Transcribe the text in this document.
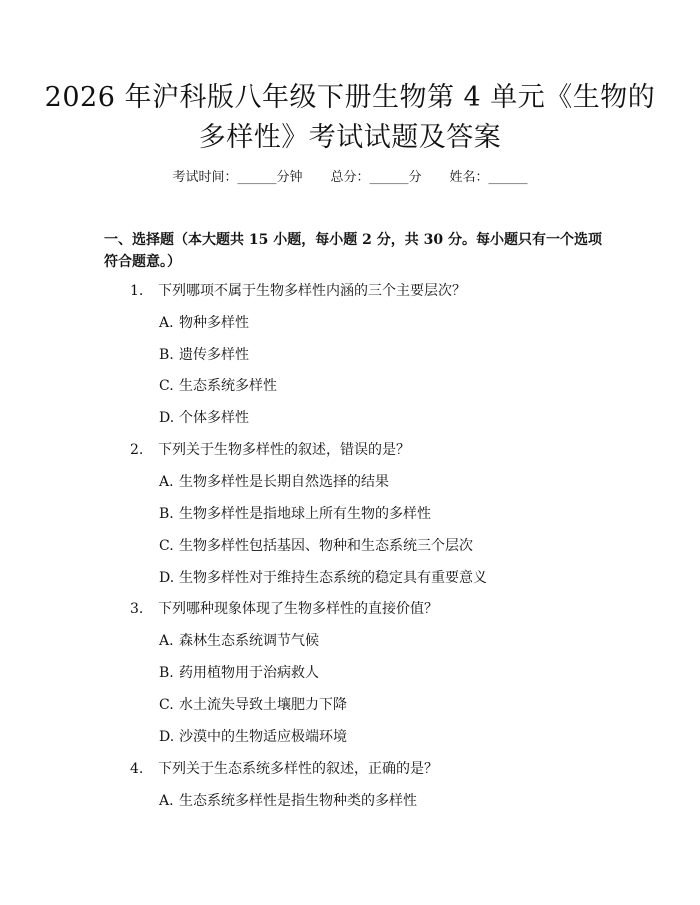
2026 年沪科版八年级下册生物第 4 单元《生物的多样性》考试试题及答案
考试时间：______分钟 总分：______分 姓名：______
一、选择题（本大题共 15 小题，每小题 2 分，共 30 分。每小题只有一个选项符合题意。）
1. 下列哪项不属于生物多样性内涵的三个主要层次？
A. 物种多样性
B. 遗传多样性
C. 生态系统多样性
D. 个体多样性
2. 下列关于生物多样性的叙述，错误的是？
A. 生物多样性是长期自然选择的结果
B. 生物多样性是指地球上所有生物的多样性
C. 生物多样性包括基因、物种和生态系统三个层次
D. 生物多样性对于维持生态系统的稳定具有重要意义
3. 下列哪种现象体现了生物多样性的直接价值？
A. 森林生态系统调节气候
B. 药用植物用于治病救人
C. 水土流失导致土壤肥力下降
D. 沙漠中的生物适应极端环境
4. 下列关于生态系统多样性的叙述，正确的是？
A. 生态系统多样性是指生物种类的多样性
